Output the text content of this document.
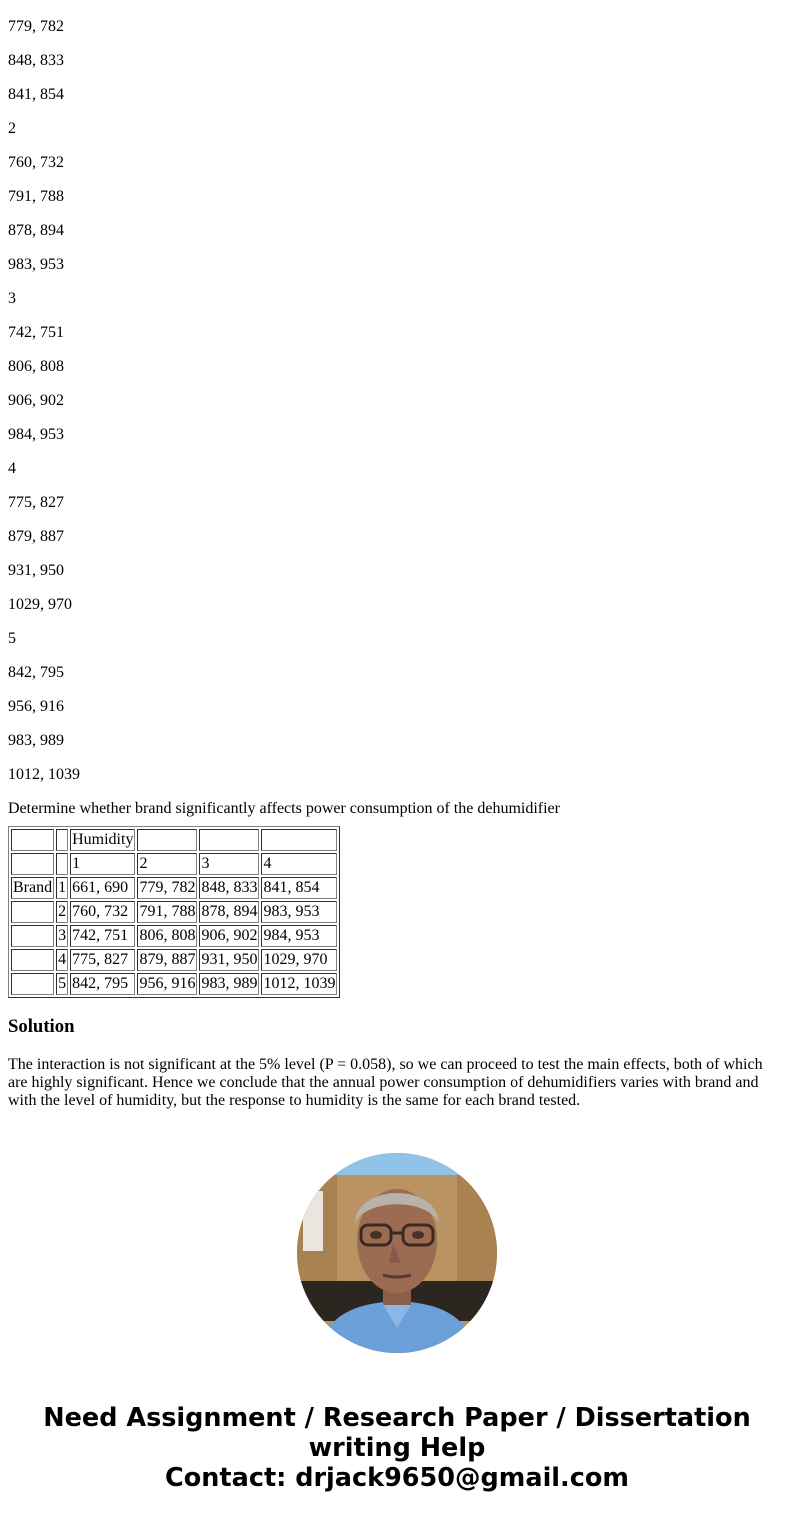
779, 782

848, 833

841, 854

2

760, 732

791, 788

878, 894

983, 953

3

742, 751

806, 808

906, 902

984, 953

4

775, 827

879, 887

931, 950

1029, 970

5

842, 795

956, 916

983, 989

1012, 1039

Determine whether brand significantly affects power consumption of the dehumidifier

		Humidity			
		1	2	3	4
Brand	1	661, 690	779, 782	848, 833	841, 854
	2	760, 732	791, 788	878, 894	983, 953
	3	742, 751	806, 808	906, 902	984, 953
	4	775, 827	879, 887	931, 950	1029, 970
	5	842, 795	956, 916	983, 989	1012, 1039
Solution

The interaction is not significant at the 5% level (P = 0.058), so we can proceed to test the main effects, both of which are highly significant. Hence we conclude that the annual power consumption of dehumidifiers varies with brand and with the level of humidity, but the response to humidity is the same for each brand tested.

Need Assignment / Research Paper / Dissertation
writing Help
Contact: drjack9650@gmail.com
